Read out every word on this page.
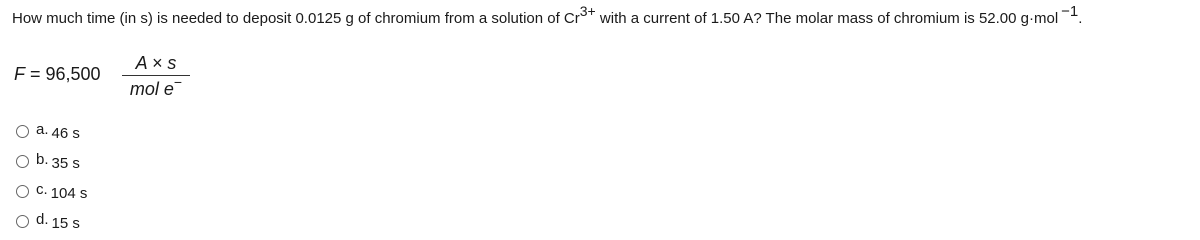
How much time (in s) is needed to deposit 0.0125 g of chromium from a solution of Cr3+ with a current of 1.50 A? The molar mass of chromium is 52.00 g·mol −1.
F = 96,500
A × s
mol e−
a. 46 s
b. 35 s
c. 104 s
d. 15 s
